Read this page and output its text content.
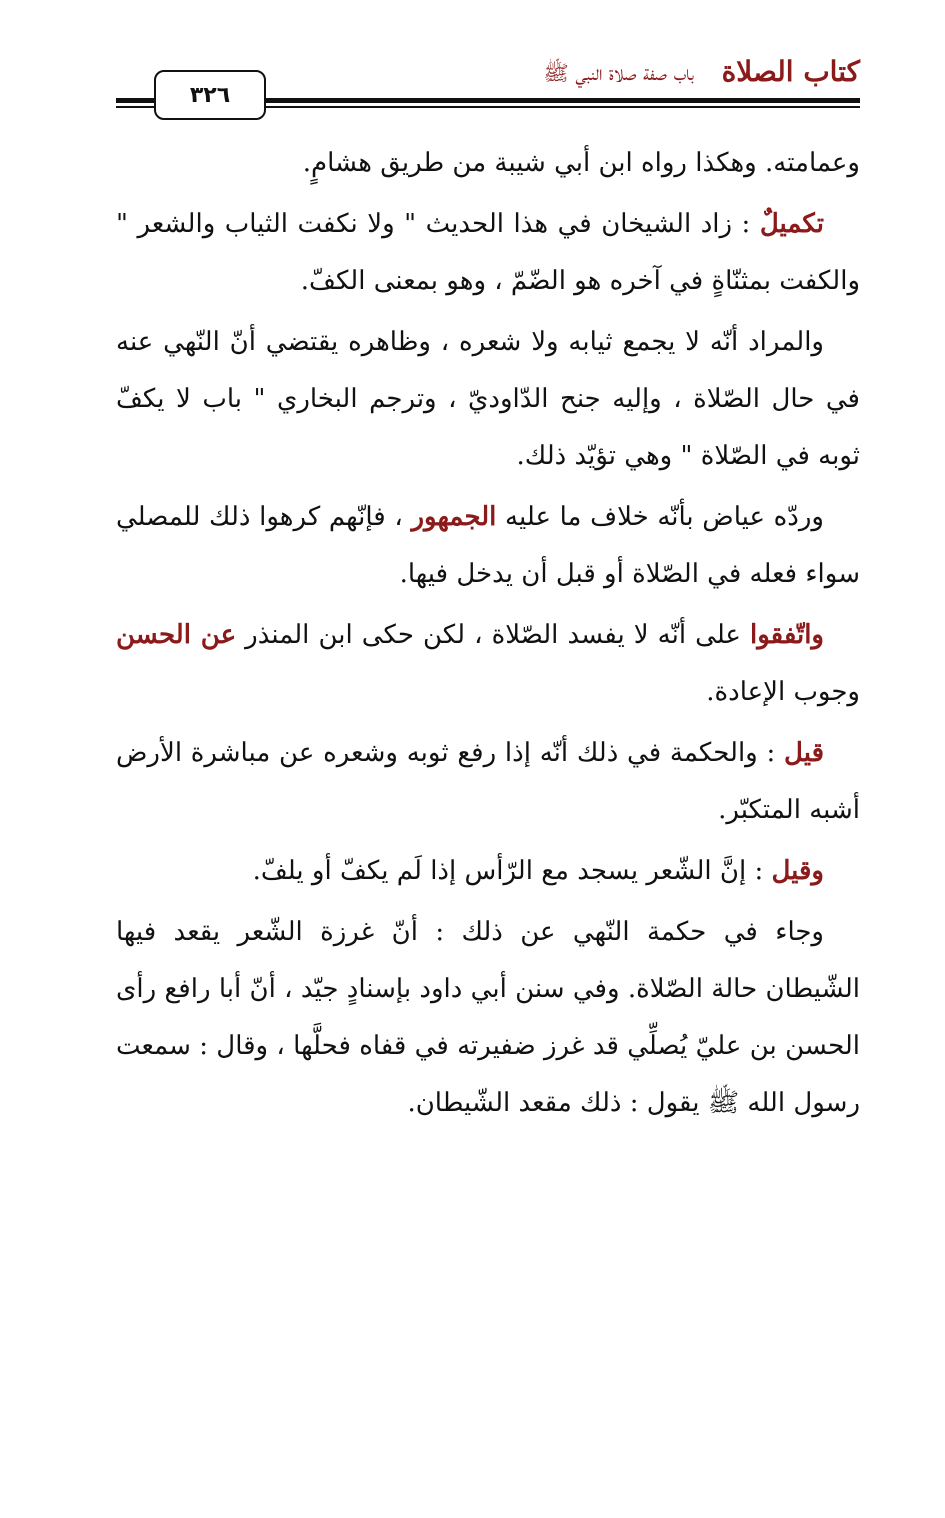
كتاب الصلاة
باب صفة صلاة النبي ﷺ
٣٢٦

وعمامته. وهكذا رواه ابن أبي شيبة من طريق هشامٍ.

تكميلٌ : زاد الشيخان في هذا الحديث " ولا نكفت الثياب والشعر " والكفت بمثنّاةٍ في آخره هو الضّمّ ، وهو بمعنى الكفّ.

والمراد أنّه لا يجمع ثيابه ولا شعره ، وظاهره يقتضي أنّ النّهي عنه في حال الصّلاة ، وإليه جنح الدّاوديّ ، وترجم البخاري " باب لا يكفّ ثوبه في الصّلاة " وهي تؤيّد ذلك.

وردّه عياض بأنّه خلاف ما عليه الجمهور ، فإنّهم كرهوا ذلك للمصلي سواء فعله في الصّلاة أو قبل أن يدخل فيها.

واتّفقوا على أنّه لا يفسد الصّلاة ، لكن حكى ابن المنذر عن الحسن وجوب الإعادة.

قيل : والحكمة في ذلك أنّه إذا رفع ثوبه وشعره عن مباشرة الأرض أشبه المتكبّر.

وقيل : إنَّ الشّعر يسجد مع الرّأس إذا لَم يكفّ أو يلفّ.

وجاء في حكمة النّهي عن ذلك : أنّ غرزة الشّعر يقعد فيها الشّيطان حالة الصّلاة. وفي سنن أبي داود بإسنادٍ جيّد ، أنّ أبا رافع رأى الحسن بن عليّ يُصلِّي قد غرز ضفيرته في قفاه فحلَّها ، وقال : سمعت رسول الله ﷺ يقول : ذلك مقعد الشّيطان.
